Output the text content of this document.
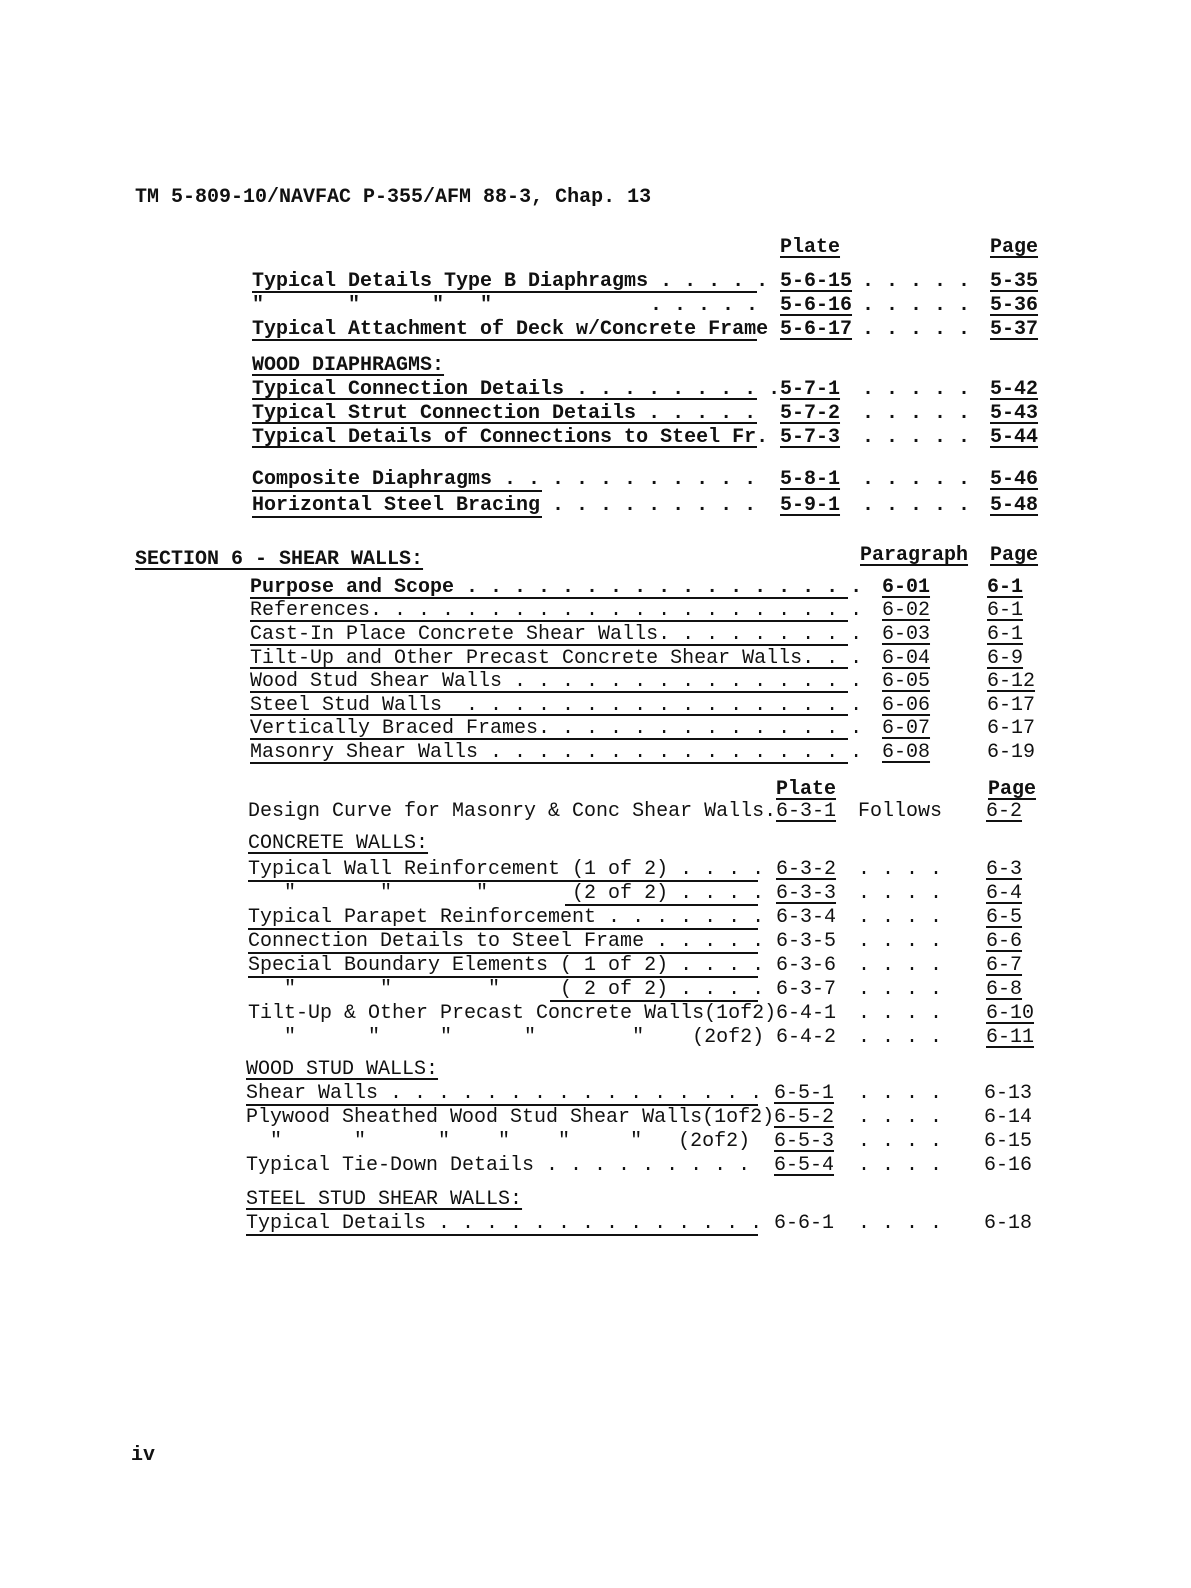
TM 5-809-10/NAVFAC P-355/AFM 88-3, Chap. 13
Plate	Page
Typical Details Type B Diaphragms . . . . . 5-6-15 . . . . . 5-35
"       "      "   "	. . . . . 5-6-16 . . . . . 5-36
Typical Attachment of Deck w/Concrete Frame 5-6-17 . . . . . 5-37
WOOD DIAPHRAGMS:
Typical Connection Details . . . . . . . . . 5-7-1 . . . . . 5-42
Typical Strut Connection Details . . . . . 5-7-2 . . . . . 5-43
Typical Details of Connections to Steel Fr. 5-7-3 . . . . . 5-44
Composite Diaphragms . . . . . . . . . . . 5-8-1 . . . . . 5-46
Horizontal Steel Bracing . . . . . . . . . 5-9-1 . . . . . 5-48
SECTION 6 - SHEAR WALLS:	Paragraph Page
Purpose and Scope . . . . . . . . . . . . . . . . . 6-01	6-1
References. . . . . . . . . . . . . . . . . . . . . 6-02	6-1
Cast-In Place Concrete Shear Walls. . . . . . . . . 6-03	6-1
Tilt-Up and Other Precast Concrete Shear Walls. . . 6-04	6-9
Wood Stud Shear Walls . . . . . . . . . . . . . . . 6-05	6-12
Steel Stud Walls  . . . . . . . . . . . . . . . . . 6-06	6-17
Vertically Braced Frames. . . . . . . . . . . . . . 6-07	6-17
Masonry Shear Walls . . . . . . . . . . . . . . . . 6-08	6-19
Plate	Page
Design Curve for Masonry & Conc Shear Walls. 6-3-1 Follows 6-2
CONCRETE WALLS:
Typical Wall Reinforcement (1 of 2) . . . . 6-3-2 . . . . 6-3
"       "       "       (2 of 2) . . . . 6-3-3 . . . . 6-4
Typical Parapet Reinforcement . . . . . . . 6-3-4 . . . . 6-5
Connection Details to Steel Frame . . . . . 6-3-5 . . . . 6-6
Special Boundary Elements ( 1 of 2) . . . . 6-3-6 . . . . 6-7
"       "        "     ( 2 of 2) . . . . 6-3-7 . . . . 6-8
Tilt-Up & Other Precast Concrete Walls(1of2) 6-4-1 . . . . 6-10
"      "     "      "        "    (2of2) 6-4-2 . . . . 6-11
WOOD STUD WALLS:
Shear Walls . . . . . . . . . . . . . . . . 6-5-1 . . . . 6-13
Plywood Sheathed Wood Stud Shear Walls(1of2) 6-5-2 . . . . 6-14
"      "      "    "    "     "   (2of2) 6-5-3 . . . . 6-15
Typical Tie-Down Details . . . . . . . . . 6-5-4 . . . . 6-16
STEEL STUD SHEAR WALLS:
Typical Details . . . . . . . . . . . . . . 6-6-1 . . . . 6-18
iv
